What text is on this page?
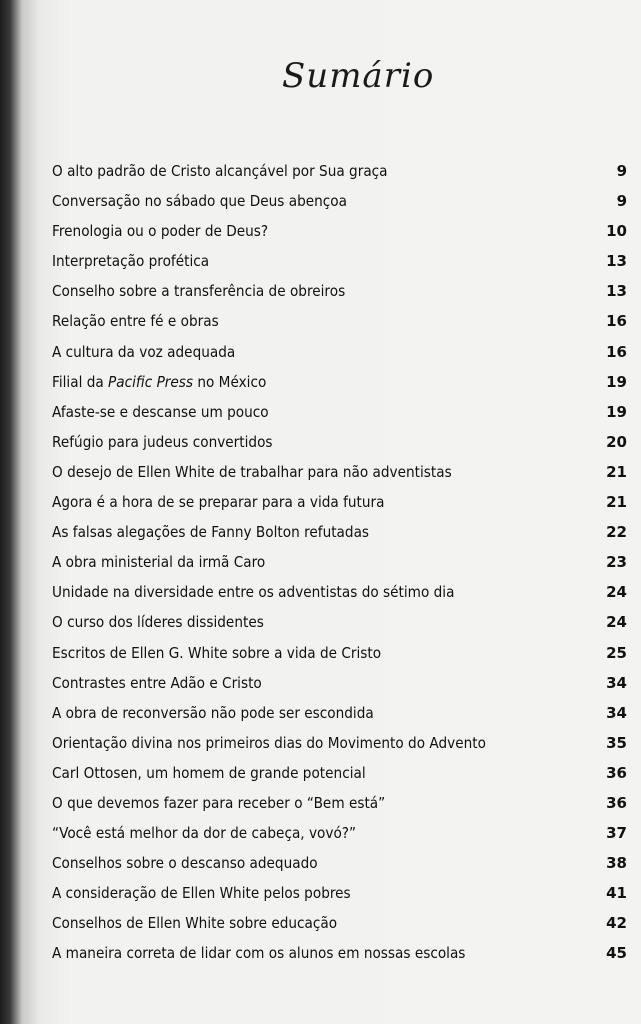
Sumário
O alto padrão de Cristo alcançável por Sua graça	9
Conversação no sábado que Deus abençoa	9
Frenologia ou o poder de Deus?	10
Interpretação profética	13
Conselho sobre a transferência de obreiros	13
Relação entre fé e obras	16
A cultura da voz adequada	16
Filial da Pacific Press no México	19
Afaste-se e descanse um pouco	19
Refúgio para judeus convertidos	20
O desejo de Ellen White de trabalhar para não adventistas	21
Agora é a hora de se preparar para a vida futura	21
As falsas alegações de Fanny Bolton refutadas	22
A obra ministerial da irmã Caro	23
Unidade na diversidade entre os adventistas do sétimo dia	24
O curso dos líderes dissidentes	24
Escritos de Ellen G. White sobre a vida de Cristo	25
Contrastes entre Adão e Cristo	34
A obra de reconversão não pode ser escondida	34
Orientação divina nos primeiros dias do Movimento do Advento	35
Carl Ottosen, um homem de grande potencial	36
O que devemos fazer para receber o “Bem está”	36
“Você está melhor da dor de cabeça, vovó?”	37
Conselhos sobre o descanso adequado	38
A consideração de Ellen White pelos pobres	41
Conselhos de Ellen White sobre educação	42
A maneira correta de lidar com os alunos em nossas escolas	45
